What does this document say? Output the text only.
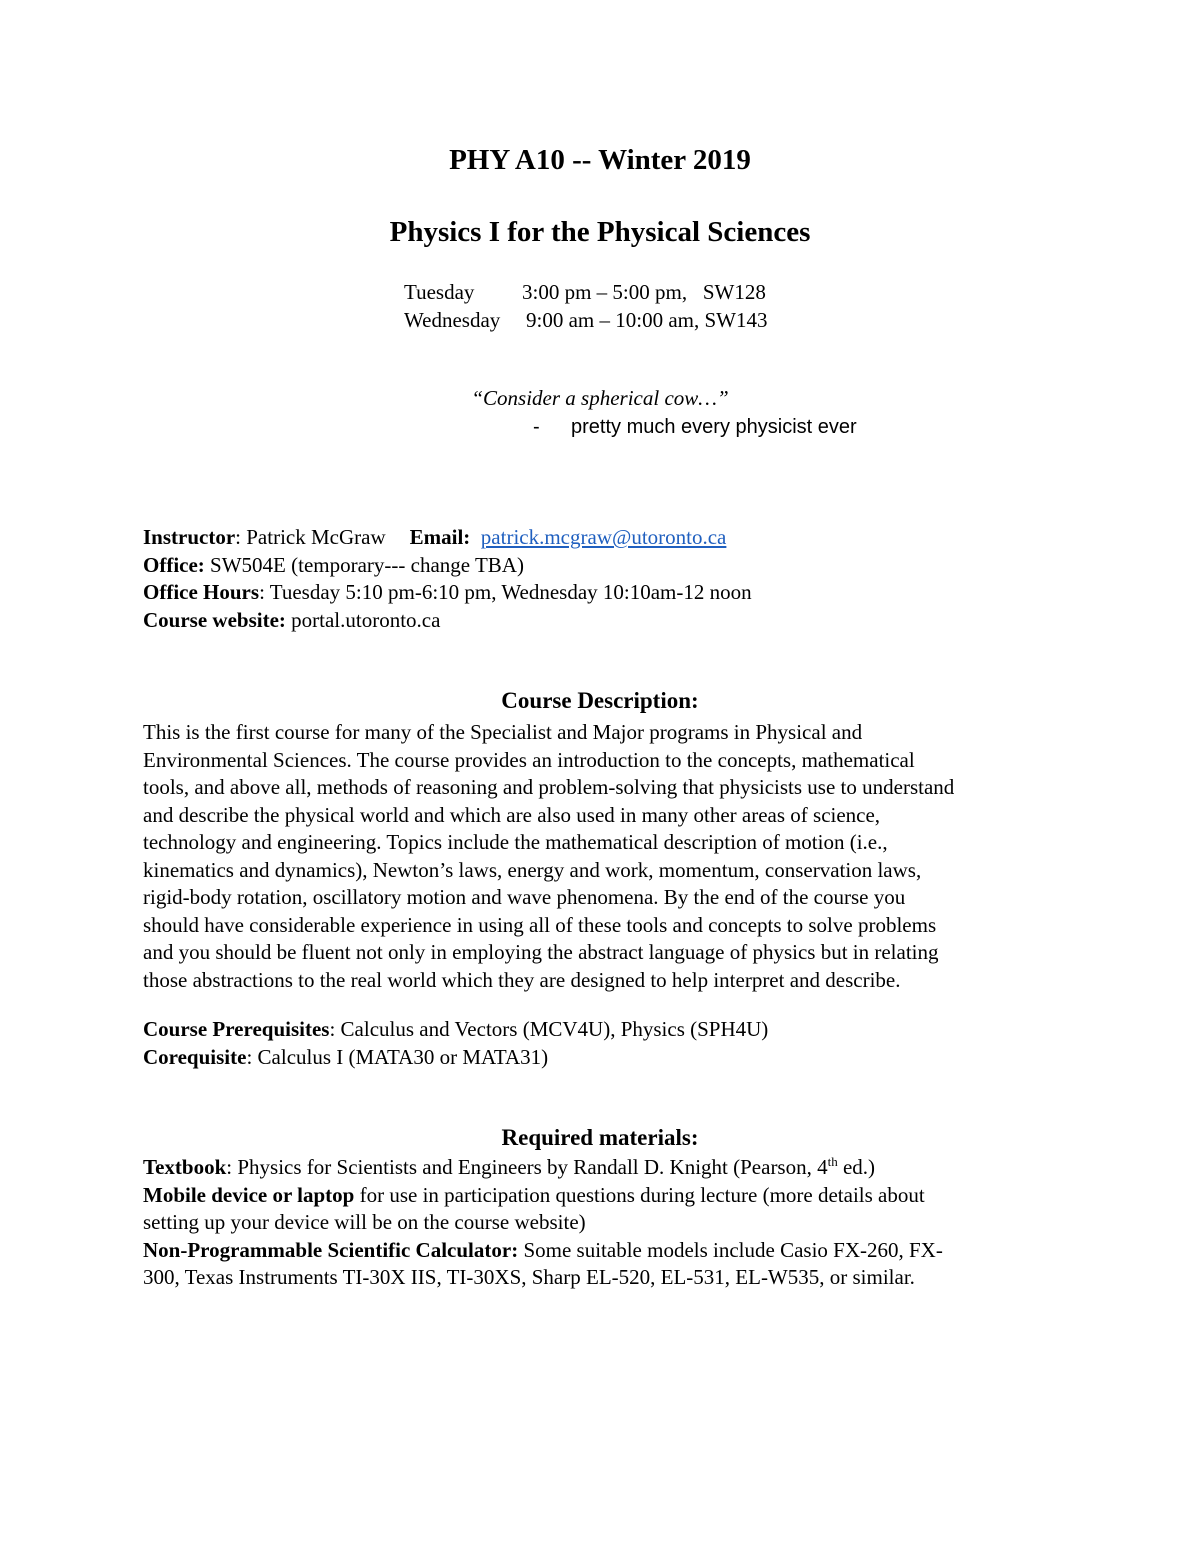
PHY A10 -- Winter 2019
Physics I for the Physical Sciences
Tuesday 3:00 pm – 5:00 pm,   SW128
Wednesday 9:00 am – 10:00 am, SW143
“Consider a spherical cow…”
- pretty much every physicist ever
Instructor: Patrick McGraw Email: patrick.mcgraw@utoronto.ca
Office: SW504E (temporary--- change TBA)
Office Hours: Tuesday 5:10 pm-6:10 pm, Wednesday 10:10am-12 noon
Course website: portal.utoronto.ca
Course Description:
This is the first course for many of the Specialist and Major programs in Physical and
Environmental Sciences. The course provides an introduction to the concepts, mathematical
tools, and above all, methods of reasoning and problem-solving that physicists use to understand
and describe the physical world and which are also used in many other areas of science,
technology and engineering. Topics include the mathematical description of motion (i.e.,
kinematics and dynamics), Newton’s laws, energy and work, momentum, conservation laws,
rigid-body rotation, oscillatory motion and wave phenomena. By the end of the course you
should have considerable experience in using all of these tools and concepts to solve problems
and you should be fluent not only in employing the abstract language of physics but in relating
those abstractions to the real world which they are designed to help interpret and describe.
Course Prerequisites: Calculus and Vectors (MCV4U), Physics (SPH4U)
Corequisite: Calculus I (MATA30 or MATA31)
Required materials:
Textbook: Physics for Scientists and Engineers by Randall D. Knight (Pearson, 4th ed.)
Mobile device or laptop for use in participation questions during lecture (more details about
setting up your device will be on the course website)
Non-Programmable Scientific Calculator: Some suitable models include Casio FX-260, FX-
300, Texas Instruments TI-30X IIS, TI-30XS, Sharp EL-520, EL-531, EL-W535, or similar.
